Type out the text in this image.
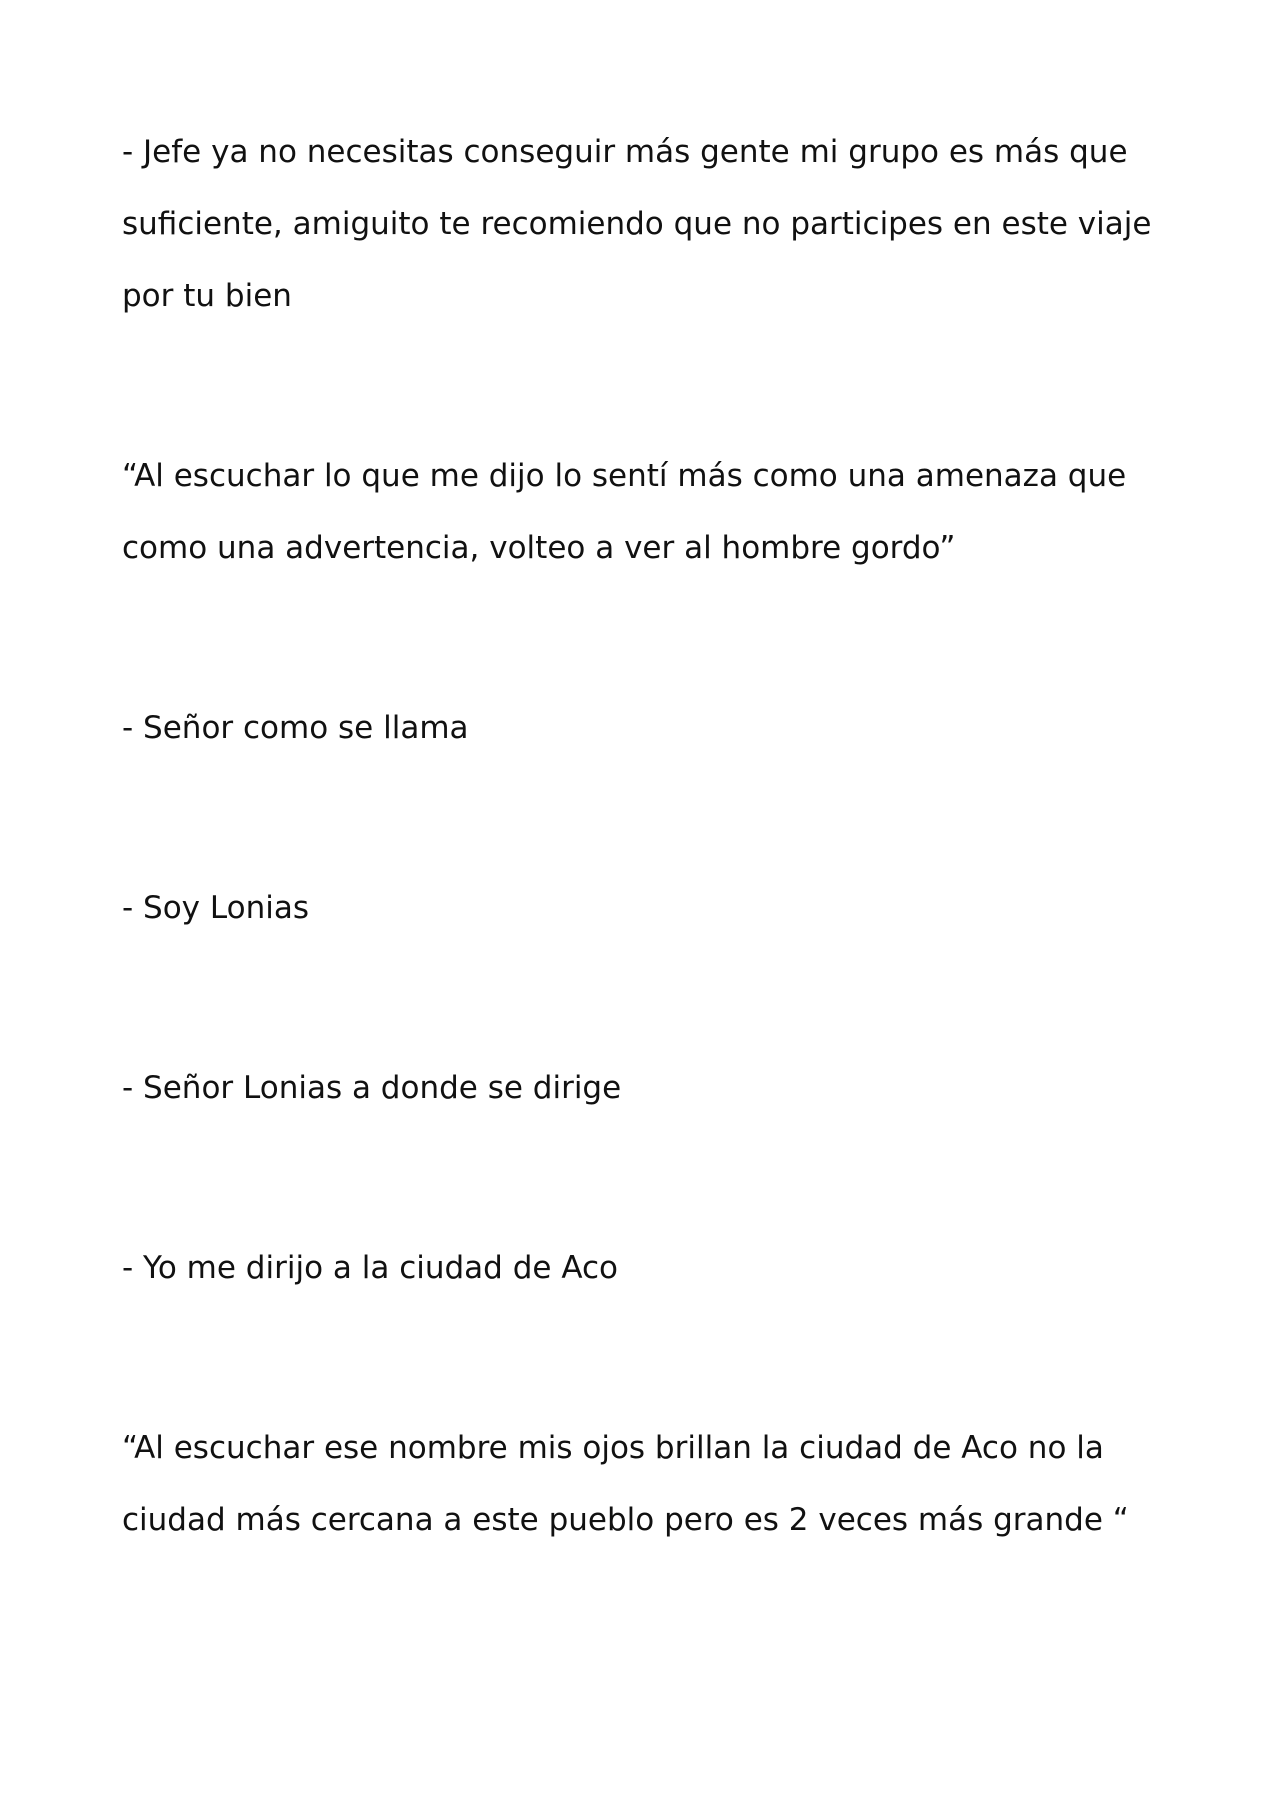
- Jefe ya no necesitas conseguir más gente mi grupo es más que suficiente, amiguito te recomiendo que no participes en este viaje por tu bien

“Al escuchar lo que me dijo lo sentí más como una amenaza que como una advertencia, volteo a ver al hombre gordo”

- Señor como se llama

- Soy Lonias

- Señor Lonias a donde se dirige

- Yo me dirijo a la ciudad de Aco

“Al escuchar ese nombre mis ojos brillan la ciudad de Aco no la ciudad más cercana a este pueblo pero es 2 veces más grande “
